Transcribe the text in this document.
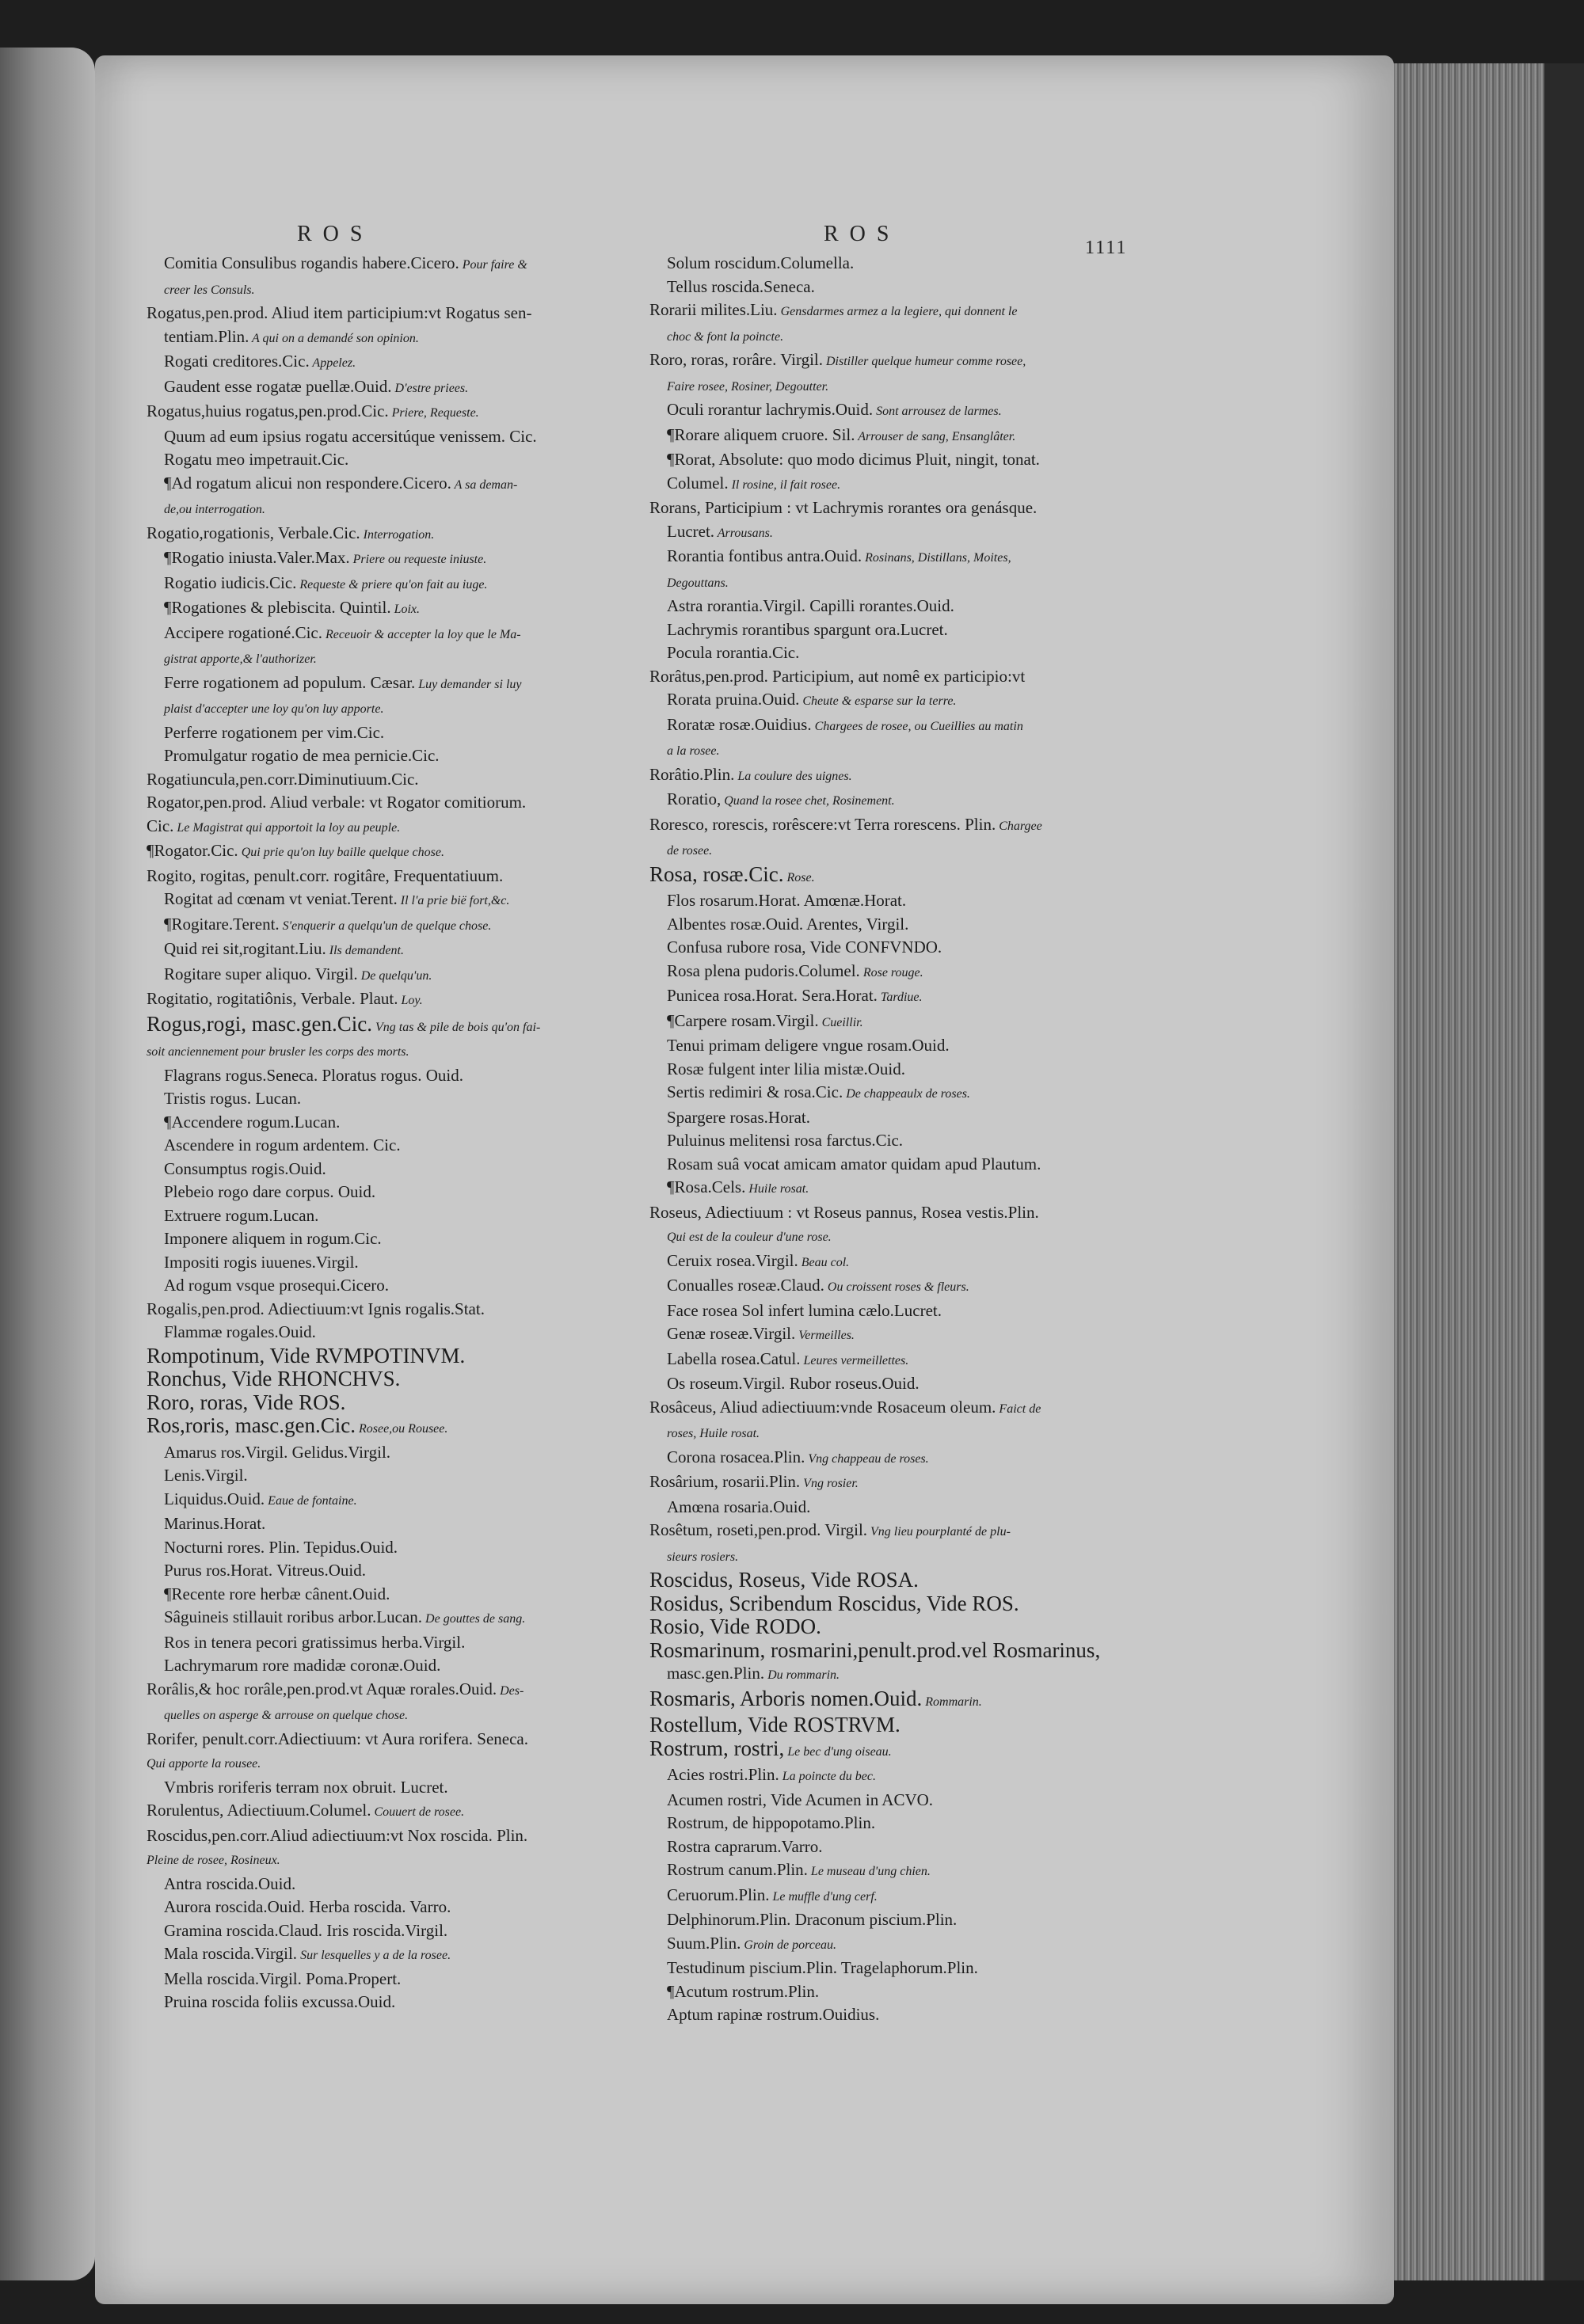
ROS	ROS
1111
Comitia Consulibus rogandis habere.Cicero. Pour faire &
creer les Consuls.
Rogatus,pen.prod. Aliud item participium:vt Rogatus sen-
tentiam.Plin. A qui on a demandé son opinion.
Rogati creditores.Cic. Appelez.
Gaudent esse rogatæ puellæ.Ouid. D'estre priees.
Rogatus,huius rogatus,pen.prod.Cic. Priere, Requeste.
Quum ad eum ipsius rogatu accersitúque venissem. Cic.
Rogatu meo impetrauit.Cic.
¶Ad rogatum alicui non respondere.Cicero. A sa deman-
de,ou interrogation.
Rogatio,rogationis, Verbale.Cic. Interrogation.
¶Rogatio iniusta.Valer.Max. Priere ou requeste iniuste.
Rogatio iudicis.Cic. Requeste & priere qu'on fait au iuge.
¶Rogationes & plebiscita. Quintil. Loix.
Accipere rogationé.Cic. Receuoir & accepter la loy que le Ma-
gistrat apporte,& l'authorizer.
Ferre rogationem ad populum. Cæsar. Luy demander si luy
plaist d'accepter une loy qu'on luy apporte.
Perferre rogationem per vim.Cic.
Promulgatur rogatio de mea pernicie.Cic.
Rogatiuncula,pen.corr.Diminutiuum.Cic.
Rogator,pen.prod. Aliud verbale: vt Rogator comitiorum.
Cic. Le Magistrat qui apportoit la loy au peuple.
¶Rogator.Cic. Qui prie qu'on luy baille quelque chose.
Rogito, rogitas, penult.corr. rogitâre, Frequentatiuum.
Rogitat ad cœnam vt veniat.Terent. Il l'a prie bië fort,&c.
¶Rogitare.Terent. S'enquerir a quelqu'un de quelque chose.
Quid rei sit,rogitant.Liu. Ils demandent.
Rogitare super aliquo. Virgil. De quelqu'un.
Rogitatio, rogitatiônis, Verbale. Plaut. Loy.
Rogus,rogi, masc.gen.Cic. Vng tas & pile de bois qu'on fai-
soit anciennement pour brusler les corps des morts.
Flagrans rogus.Seneca. Ploratus rogus. Ouid.
Tristis rogus. Lucan.
¶Accendere rogum.Lucan.
Ascendere in rogum ardentem. Cic.
Consumptus rogis.Ouid.
Plebeio rogo dare corpus. Ouid.
Extruere rogum.Lucan.
Imponere aliquem in rogum.Cic.
Impositi rogis iuuenes.Virgil.
Ad rogum vsque prosequi.Cicero.
Rogalis,pen.prod. Adiectiuum:vt Ignis rogalis.Stat.
Flammæ rogales.Ouid.
Rompotinum, Vide RVMPOTINVM.
Ronchus, Vide RHONCHVS.
Roro, roras, Vide ROS.
Ros,roris, masc.gen.Cic. Rosee,ou Rousee.
Amarus ros.Virgil. Gelidus.Virgil.
Lenis.Virgil.
Liquidus.Ouid. Eaue de fontaine.
Marinus.Horat.
Nocturni rores. Plin. Tepidus.Ouid.
Purus ros.Horat. Vitreus.Ouid.
¶Recente rore herbæ cânent.Ouid.
Sâguineis stillauit roribus arbor.Lucan. De gouttes de sang.
Ros in tenera pecori gratissimus herba.Virgil.
Lachrymarum rore madidæ coronæ.Ouid.
Rorâlis,& hoc rorâle,pen.prod.vt Aquæ rorales.Ouid. Des-
quelles on asperge & arrouse on quelque chose.
Rorifer, penult.corr.Adiectiuum: vt Aura rorifera. Seneca.
Qui apporte la rousee.
Vmbris roriferis terram nox obruit. Lucret.
Rorulentus, Adiectiuum.Columel. Couuert de rosee.
Roscidus,pen.corr.Aliud adiectiuum:vt Nox roscida. Plin.
Pleine de rosee, Rosineux.
Antra roscida.Ouid.
Aurora roscida.Ouid. Herba roscida. Varro.
Gramina roscida.Claud. Iris roscida.Virgil.
Mala roscida.Virgil. Sur lesquelles y a de la rosee.
Mella roscida.Virgil. Poma.Propert.
Pruina roscida foliis excussa.Ouid.
Solum roscidum.Columella.
Tellus roscida.Seneca.
Rorarii milites.Liu. Gensdarmes armez a la legiere, qui donnent le
choc & font la poincte.
Roro, roras, rorâre. Virgil. Distiller quelque humeur comme rosee,
Faire rosee, Rosiner, Degoutter.
Oculi rorantur lachrymis.Ouid. Sont arrousez de larmes.
¶Rorare aliquem cruore. Sil. Arrouser de sang, Ensanglâter.
¶Rorat, Absolute: quo modo dicimus Pluit, ningit, tonat.
Columel. Il rosine, il fait rosee.
Rorans, Participium : vt Lachrymis rorantes ora genásque.
Lucret. Arrousans.
Rorantia fontibus antra.Ouid. Rosinans, Distillans, Moites,
Degouttans.
Astra rorantia.Virgil. Capilli rorantes.Ouid.
Lachrymis rorantibus spargunt ora.Lucret.
Pocula rorantia.Cic.
Rorâtus,pen.prod. Participium, aut nomê ex participio:vt
Rorata pruina.Ouid. Cheute & esparse sur la terre.
Roratæ rosæ.Ouidius. Chargees de rosee, ou Cueillies au matin
a la rosee.
Rorâtio.Plin. La coulure des uignes.
Roratio, Quand la rosee chet, Rosinement.
Roresco, rorescis, rorêscere:vt Terra rorescens. Plin. Chargee
de rosee.
Rosa, rosæ.Cic. Rose.
Flos rosarum.Horat. Amœnæ.Horat.
Albentes rosæ.Ouid. Arentes, Virgil.
Confusa rubore rosa, Vide CONFVNDO.
Rosa plena pudoris.Columel. Rose rouge.
Punicea rosa.Horat. Sera.Horat. Tardiue.
¶Carpere rosam.Virgil. Cueillir.
Tenui primam deligere vngue rosam.Ouid.
Rosæ fulgent inter lilia mistæ.Ouid.
Sertis redimiri & rosa.Cic. De chappeaulx de roses.
Spargere rosas.Horat.
Puluinus melitensi rosa farctus.Cic.
Rosam suâ vocat amicam amator quidam apud Plautum.
¶Rosa.Cels. Huile rosat.
Roseus, Adiectiuum : vt Roseus pannus, Rosea vestis.Plin.
Qui est de la couleur d'une rose.
Ceruix rosea.Virgil. Beau col.
Conualles roseæ.Claud. Ou croissent roses & fleurs.
Face rosea Sol infert lumina cælo.Lucret.
Genæ roseæ.Virgil. Vermeilles.
Labella rosea.Catul. Leures vermeillettes.
Os roseum.Virgil. Rubor roseus.Ouid.
Rosâceus, Aliud adiectiuum:vnde Rosaceum oleum. Faict de
roses, Huile rosat.
Corona rosacea.Plin. Vng chappeau de roses.
Rosârium, rosarii.Plin. Vng rosier.
Amœna rosaria.Ouid.
Rosêtum, roseti,pen.prod. Virgil. Vng lieu pourplanté de plu-
sieurs rosiers.
Roscidus, Roseus, Vide ROSA.
Rosidus, Scribendum Roscidus, Vide ROS.
Rosio, Vide RODO.
Rosmarinum, rosmarini,penult.prod.vel Rosmarinus,
masc.gen.Plin. Du rommarin.
Rosmaris, Arboris nomen.Ouid. Rommarin.
Rostellum, Vide ROSTRVM.
Rostrum, rostri, Le bec d'ung oiseau.
Acies rostri.Plin. La poincte du bec.
Acumen rostri, Vide Acumen in ACVO.
Rostrum, de hippopotamo.Plin.
Rostra caprarum.Varro.
Rostrum canum.Plin. Le museau d'ung chien.
Ceruorum.Plin. Le muffle d'ung cerf.
Delphinorum.Plin. Draconum piscium.Plin.
Suum.Plin. Groin de porceau.
Testudinum piscium.Plin. Tragelaphorum.Plin.
¶Acutum rostrum.Plin.
Aptum rapinæ rostrum.Ouidius.
